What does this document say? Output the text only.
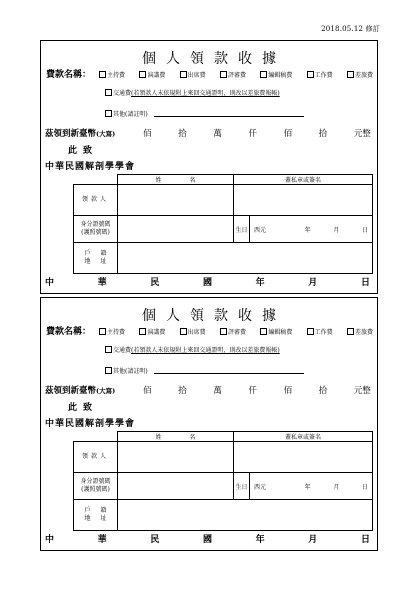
2018.05.12 修訂
個人領款收據
費款名稱：	主持費	演講費	出席費	評審費	編輯稿費	工作費	差旅費
交通費 (若領款人未依規附上來回交通證明，則改以差旅費報帳)
其他(請註明)
茲領到新臺幣 (大寫)	佰	拾	萬	仟	佰	拾	元整
此致
中華民國解剖學學會
	姓名	蓋私章或簽名	
領款人			
身分證號碼
(護照號碼)		生日	西元 年 月 日

戶籍
地址			
中	華	民	國	年	月	日
個人領款收據
費款名稱：	主持費	演講費	出席費	評審費	編輯稿費	工作費	差旅費
交通費 (若領款人未依規附上來回交通證明，則改以差旅費報帳)
其他(請註明)
茲領到新臺幣 (大寫)	佰	拾	萬	仟	佰	拾	元整
此致
中華民國解剖學學會
	姓名	蓋私章或簽名	
領款人			
身分證號碼
(護照號碼)		生日	西元 年 月 日

戶籍
地址			
中	華	民	國	年	月	日
